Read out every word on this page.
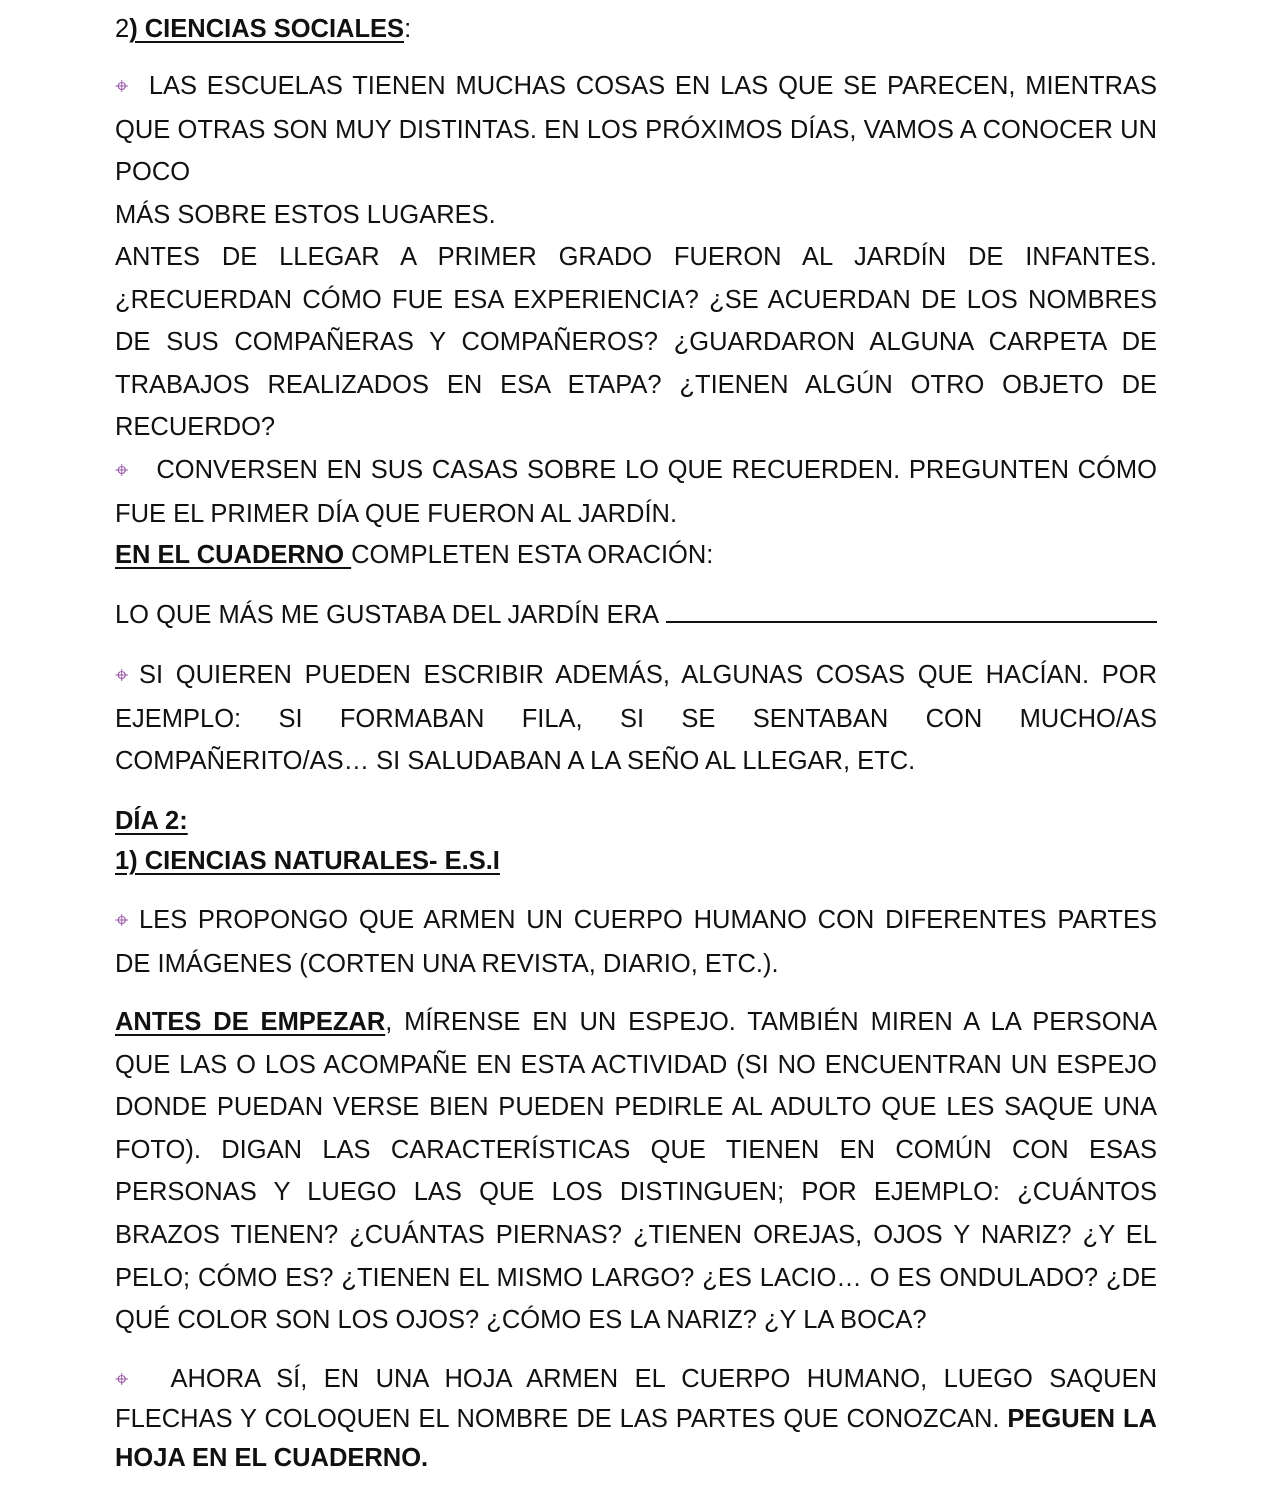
2) CIENCIAS SOCIALES:

⌖ LAS ESCUELAS TIENEN MUCHAS COSAS EN LAS QUE SE PARECEN, MIENTRAS
QUE OTRAS SON MUY DISTINTAS. EN LOS PRÓXIMOS DÍAS, VAMOS A CONOCER UN
POCO
MÁS SOBRE ESTOS LUGARES.

ANTES DE LLEGAR A PRIMER GRADO FUERON AL JARDÍN DE INFANTES. ¿RECUERDAN CÓMO FUE ESA EXPERIENCIA? ¿SE ACUERDAN DE LOS NOMBRES DE SUS COMPAÑERAS Y COMPAÑEROS? ¿GUARDARON ALGUNA CARPETA DE TRABAJOS REALIZADOS EN ESA ETAPA? ¿TIENEN ALGÚN OTRO OBJETO DE RECUERDO?

⌖ CONVERSEN EN SUS CASAS SOBRE LO QUE RECUERDEN. PREGUNTEN CÓMO FUE EL PRIMER DÍA QUE FUERON AL JARDÍN.

EN EL CUADERNO COMPLETEN ESTA ORACIÓN:

LO QUE MÁS ME GUSTABA DEL JARDÍN ERA

⌖ SI QUIEREN PUEDEN ESCRIBIR ADEMÁS, ALGUNAS COSAS QUE HACÍAN. POR EJEMPLO: SI FORMABAN FILA, SI SE SENTABAN CON MUCHO/AS COMPAÑERITO/AS… SI SALUDABAN A LA SEÑO AL LLEGAR, ETC.

DÍA 2:

1) CIENCIAS NATURALES- E.S.I

⌖ LES PROPONGO QUE ARMEN UN CUERPO HUMANO CON DIFERENTES PARTES DE IMÁGENES (CORTEN UNA REVISTA, DIARIO, ETC.).

ANTES DE EMPEZAR, MÍRENSE EN UN ESPEJO. TAMBIÉN MIREN A LA PERSONA QUE LAS O LOS ACOMPAÑE EN ESTA ACTIVIDAD (SI NO ENCUENTRAN UN ESPEJO DONDE PUEDAN VERSE BIEN PUEDEN PEDIRLE AL ADULTO QUE LES SAQUE UNA FOTO). DIGAN LAS CARACTERÍSTICAS QUE TIENEN EN COMÚN CON ESAS PERSONAS Y LUEGO LAS QUE LOS DISTINGUEN; POR EJEMPLO: ¿CUÁNTOS BRAZOS TIENEN? ¿CUÁNTAS PIERNAS? ¿TIENEN OREJAS, OJOS Y NARIZ? ¿Y EL PELO; CÓMO ES? ¿TIENEN EL MISMO LARGO? ¿ES LACIO… O ES ONDULADO? ¿DE QUÉ COLOR SON LOS OJOS? ¿CÓMO ES LA NARIZ? ¿Y LA BOCA?

⌖ AHORA SÍ, EN UNA HOJA ARMEN EL CUERPO HUMANO, LUEGO SAQUEN FLECHAS Y COLOQUEN EL NOMBRE DE LAS PARTES QUE CONOZCAN. PEGUEN LA HOJA EN EL CUADERNO.
